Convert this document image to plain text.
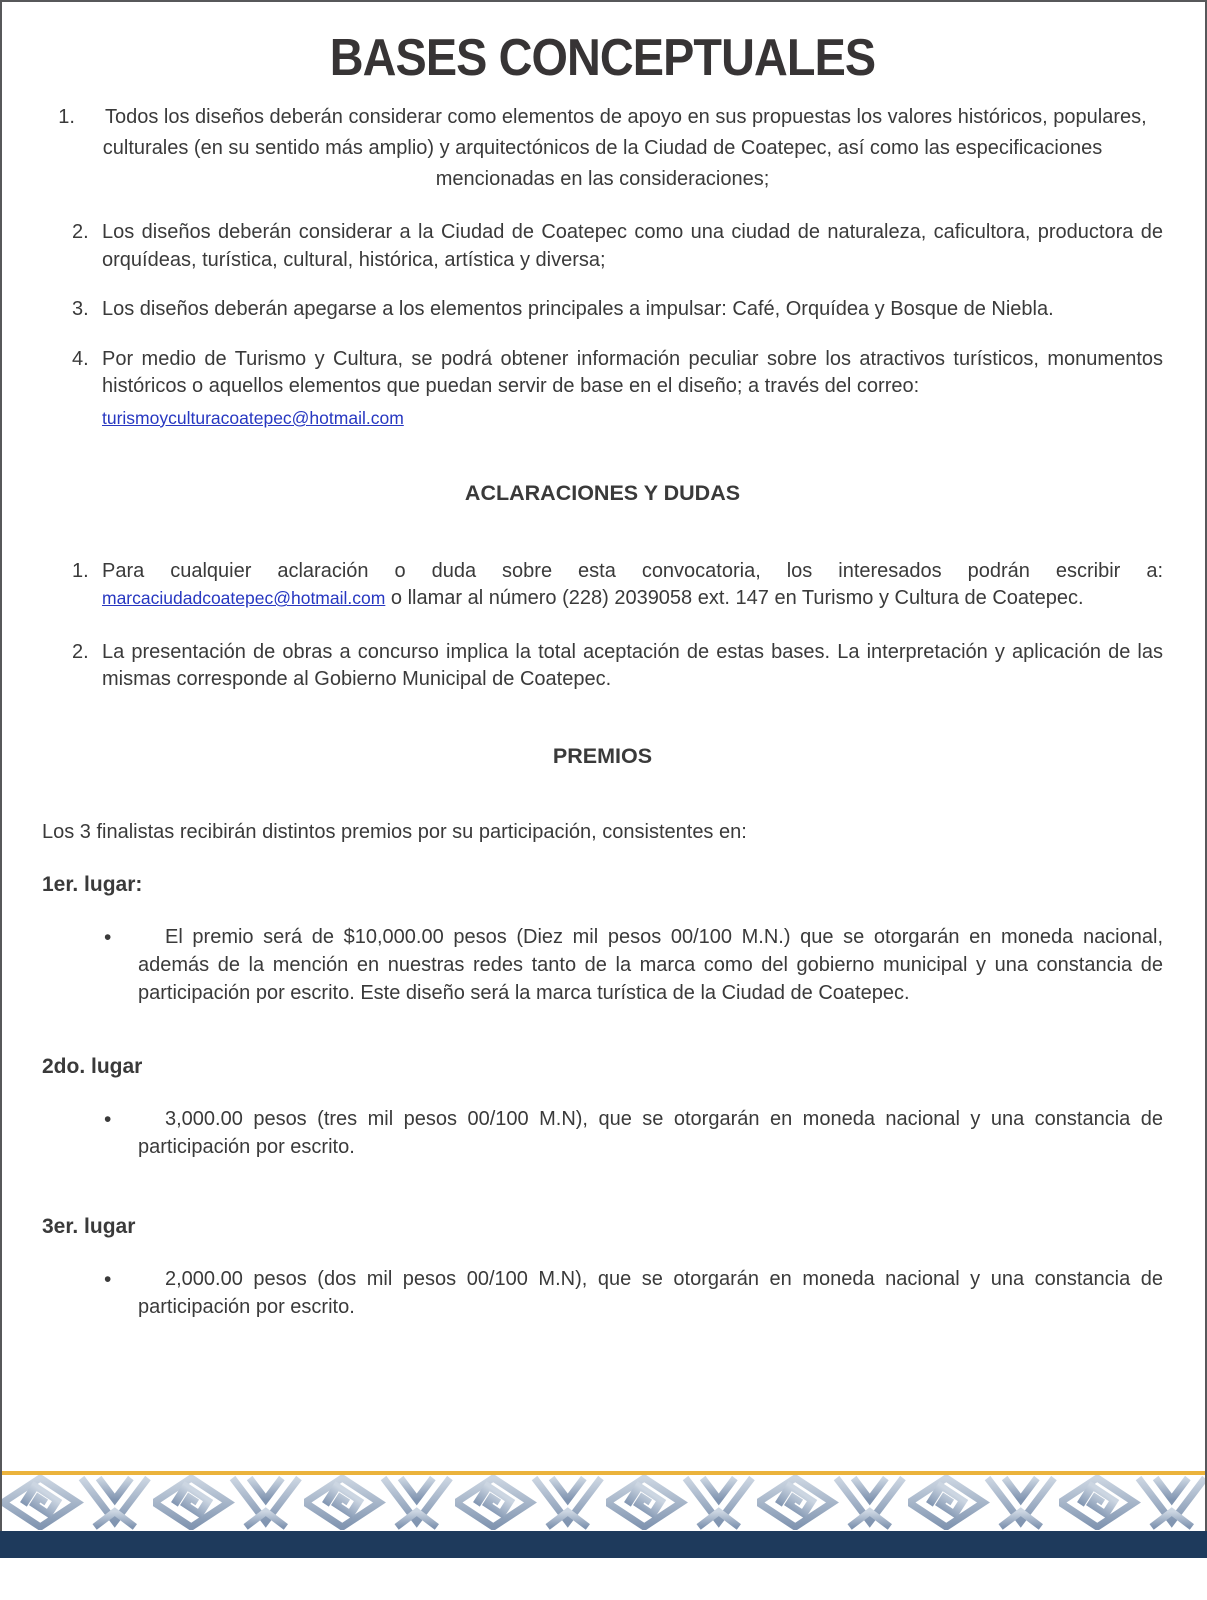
BASES CONCEPTUALES

1. Todos los diseños deberán considerar como elementos de apoyo en sus propuestas los valores históricos, populares, culturales (en su sentido más amplio) y arquitectónicos de la Ciudad de Coatepec, así como las especificaciones mencionadas en las consideraciones;

2. Los diseños deberán considerar a la Ciudad de Coatepec como una ciudad de naturaleza, caficultora, productora de orquídeas, turística, cultural, histórica, artística y diversa;

3. Los diseños deberán apegarse a los elementos principales a impulsar: Café, Orquídea y Bosque de Niebla.

4. Por medio de Turismo y Cultura, se podrá obtener información peculiar sobre los atractivos turísticos, monumentos históricos o aquellos elementos que puedan servir de base en el diseño; a través del correo:
turismoyculturacoatepec@hotmail.com

ACLARACIONES Y DUDAS
1. Para cualquier aclaración o duda sobre esta convocatoria, los interesados podrán escribir a: marcaciudadcoatepec@hotmail.com o llamar al número (228) 2039058 ext. 147 en Turismo y Cultura de Coatepec.

2. La presentación de obras a concurso implica la total aceptación de estas bases. La interpretación y aplicación de las mismas corresponde al Gobierno Municipal de Coatepec.

PREMIOS

Los 3 finalistas recibirán distintos premios por su participación, consistentes en:

1er. lugar:

•	El premio será de $10,000.00 pesos (Diez mil pesos 00/100 M.N.) que se otorgarán en moneda nacional, además de la mención en nuestras redes tanto de la marca como del gobierno municipal y una constancia de participación por escrito. Este diseño será la marca turística de la Ciudad de Coatepec.

2do. lugar

•	3,000.00 pesos (tres mil pesos 00/100 M.N), que se otorgarán en moneda nacional y una constancia de participación por escrito.

3er. lugar

•	2,000.00 pesos (dos mil pesos 00/100 M.N), que se otorgarán en moneda nacional y una constancia de participación por escrito.
